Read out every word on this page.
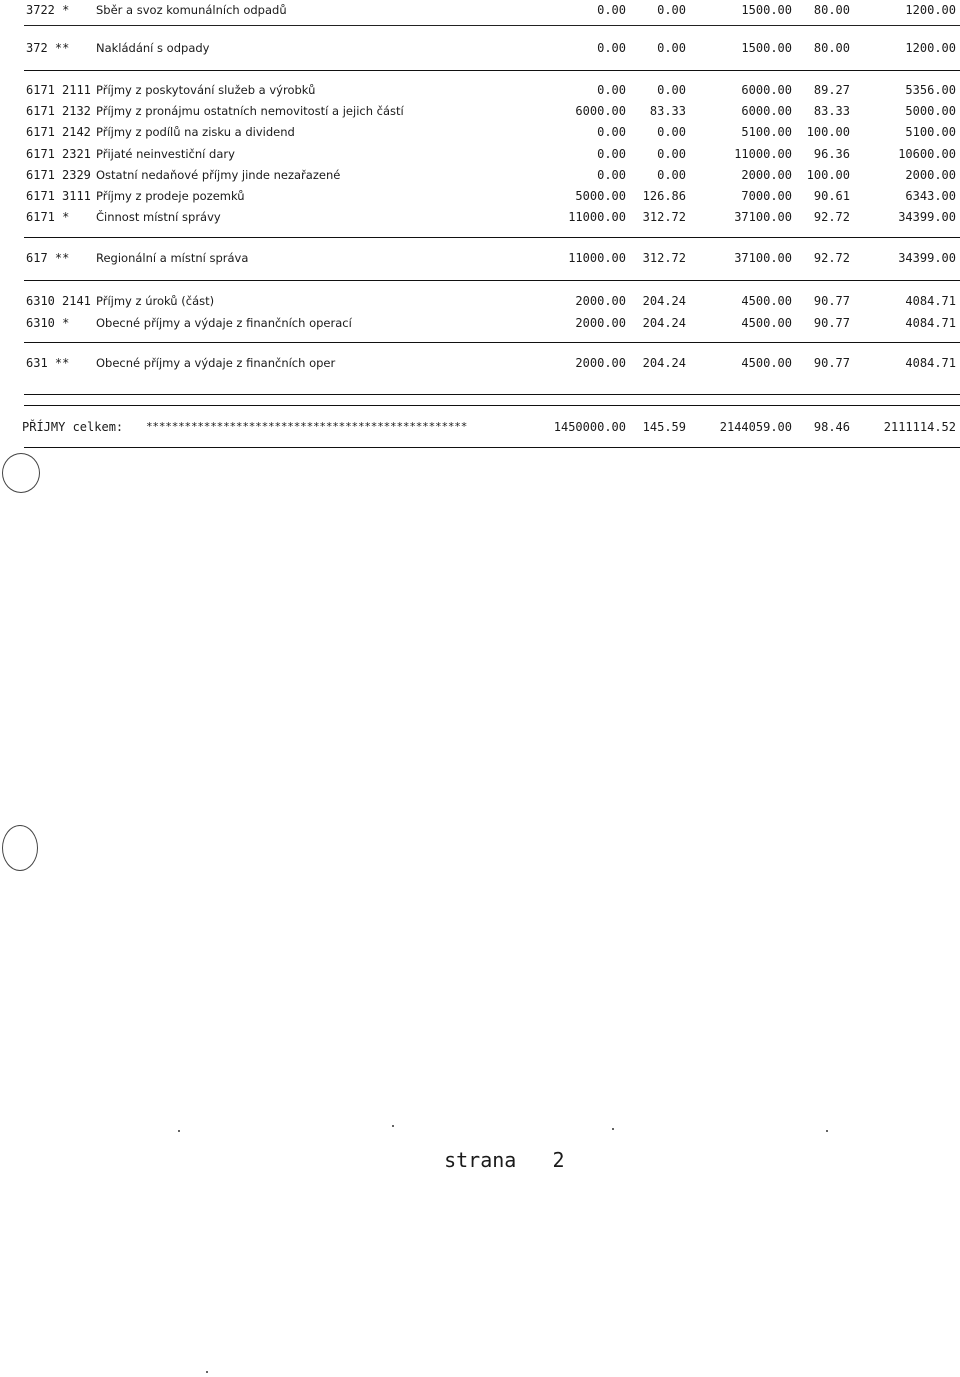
3722 * Sběr a svoz komunálních odpadů	0.00	0.00	1500.00	80.00	1200.00
372 ** Nakládání s odpady	0.00	0.00	1500.00	80.00	1200.00
6171 2111 Příjmy z poskytování služeb a výrobků	0.00	0.00	6000.00	89.27	5356.00
6171 2132 Příjmy z pronájmu ostatních nemovitostí a jejich částí	6000.00	83.33	6000.00	83.33	5000.00
6171 2142 Příjmy z podílů na zisku a dividend	0.00	0.00	5100.00	100.00	5100.00
6171 2321 Přijaté neinvestiční dary	0.00	0.00	11000.00	96.36	10600.00
6171 2329 Ostatní nedaňové příjmy jinde nezařazené	0.00	0.00	2000.00	100.00	2000.00
6171 3111 Příjmy z prodeje pozemků	5000.00	126.86	7000.00	90.61	6343.00
6171 * Činnost místní správy	11000.00	312.72	37100.00	92.72	34399.00
617 ** Regionální a místní správa	11000.00	312.72	37100.00	92.72	34399.00
6310 2141 Příjmy z úroků (část)	2000.00	204.24	4500.00	90.77	4084.71
6310 * Obecné příjmy a výdaje z finančních operací	2000.00	204.24	4500.00	90.77	4084.71
631 ** Obecné příjmy a výdaje z finančních oper	2000.00	204.24	4500.00	90.77	4084.71
PŘÍJMY celkem: **************************************************	1450000.00	145.59	2144059.00	98.46	2111114.52

strana 2
